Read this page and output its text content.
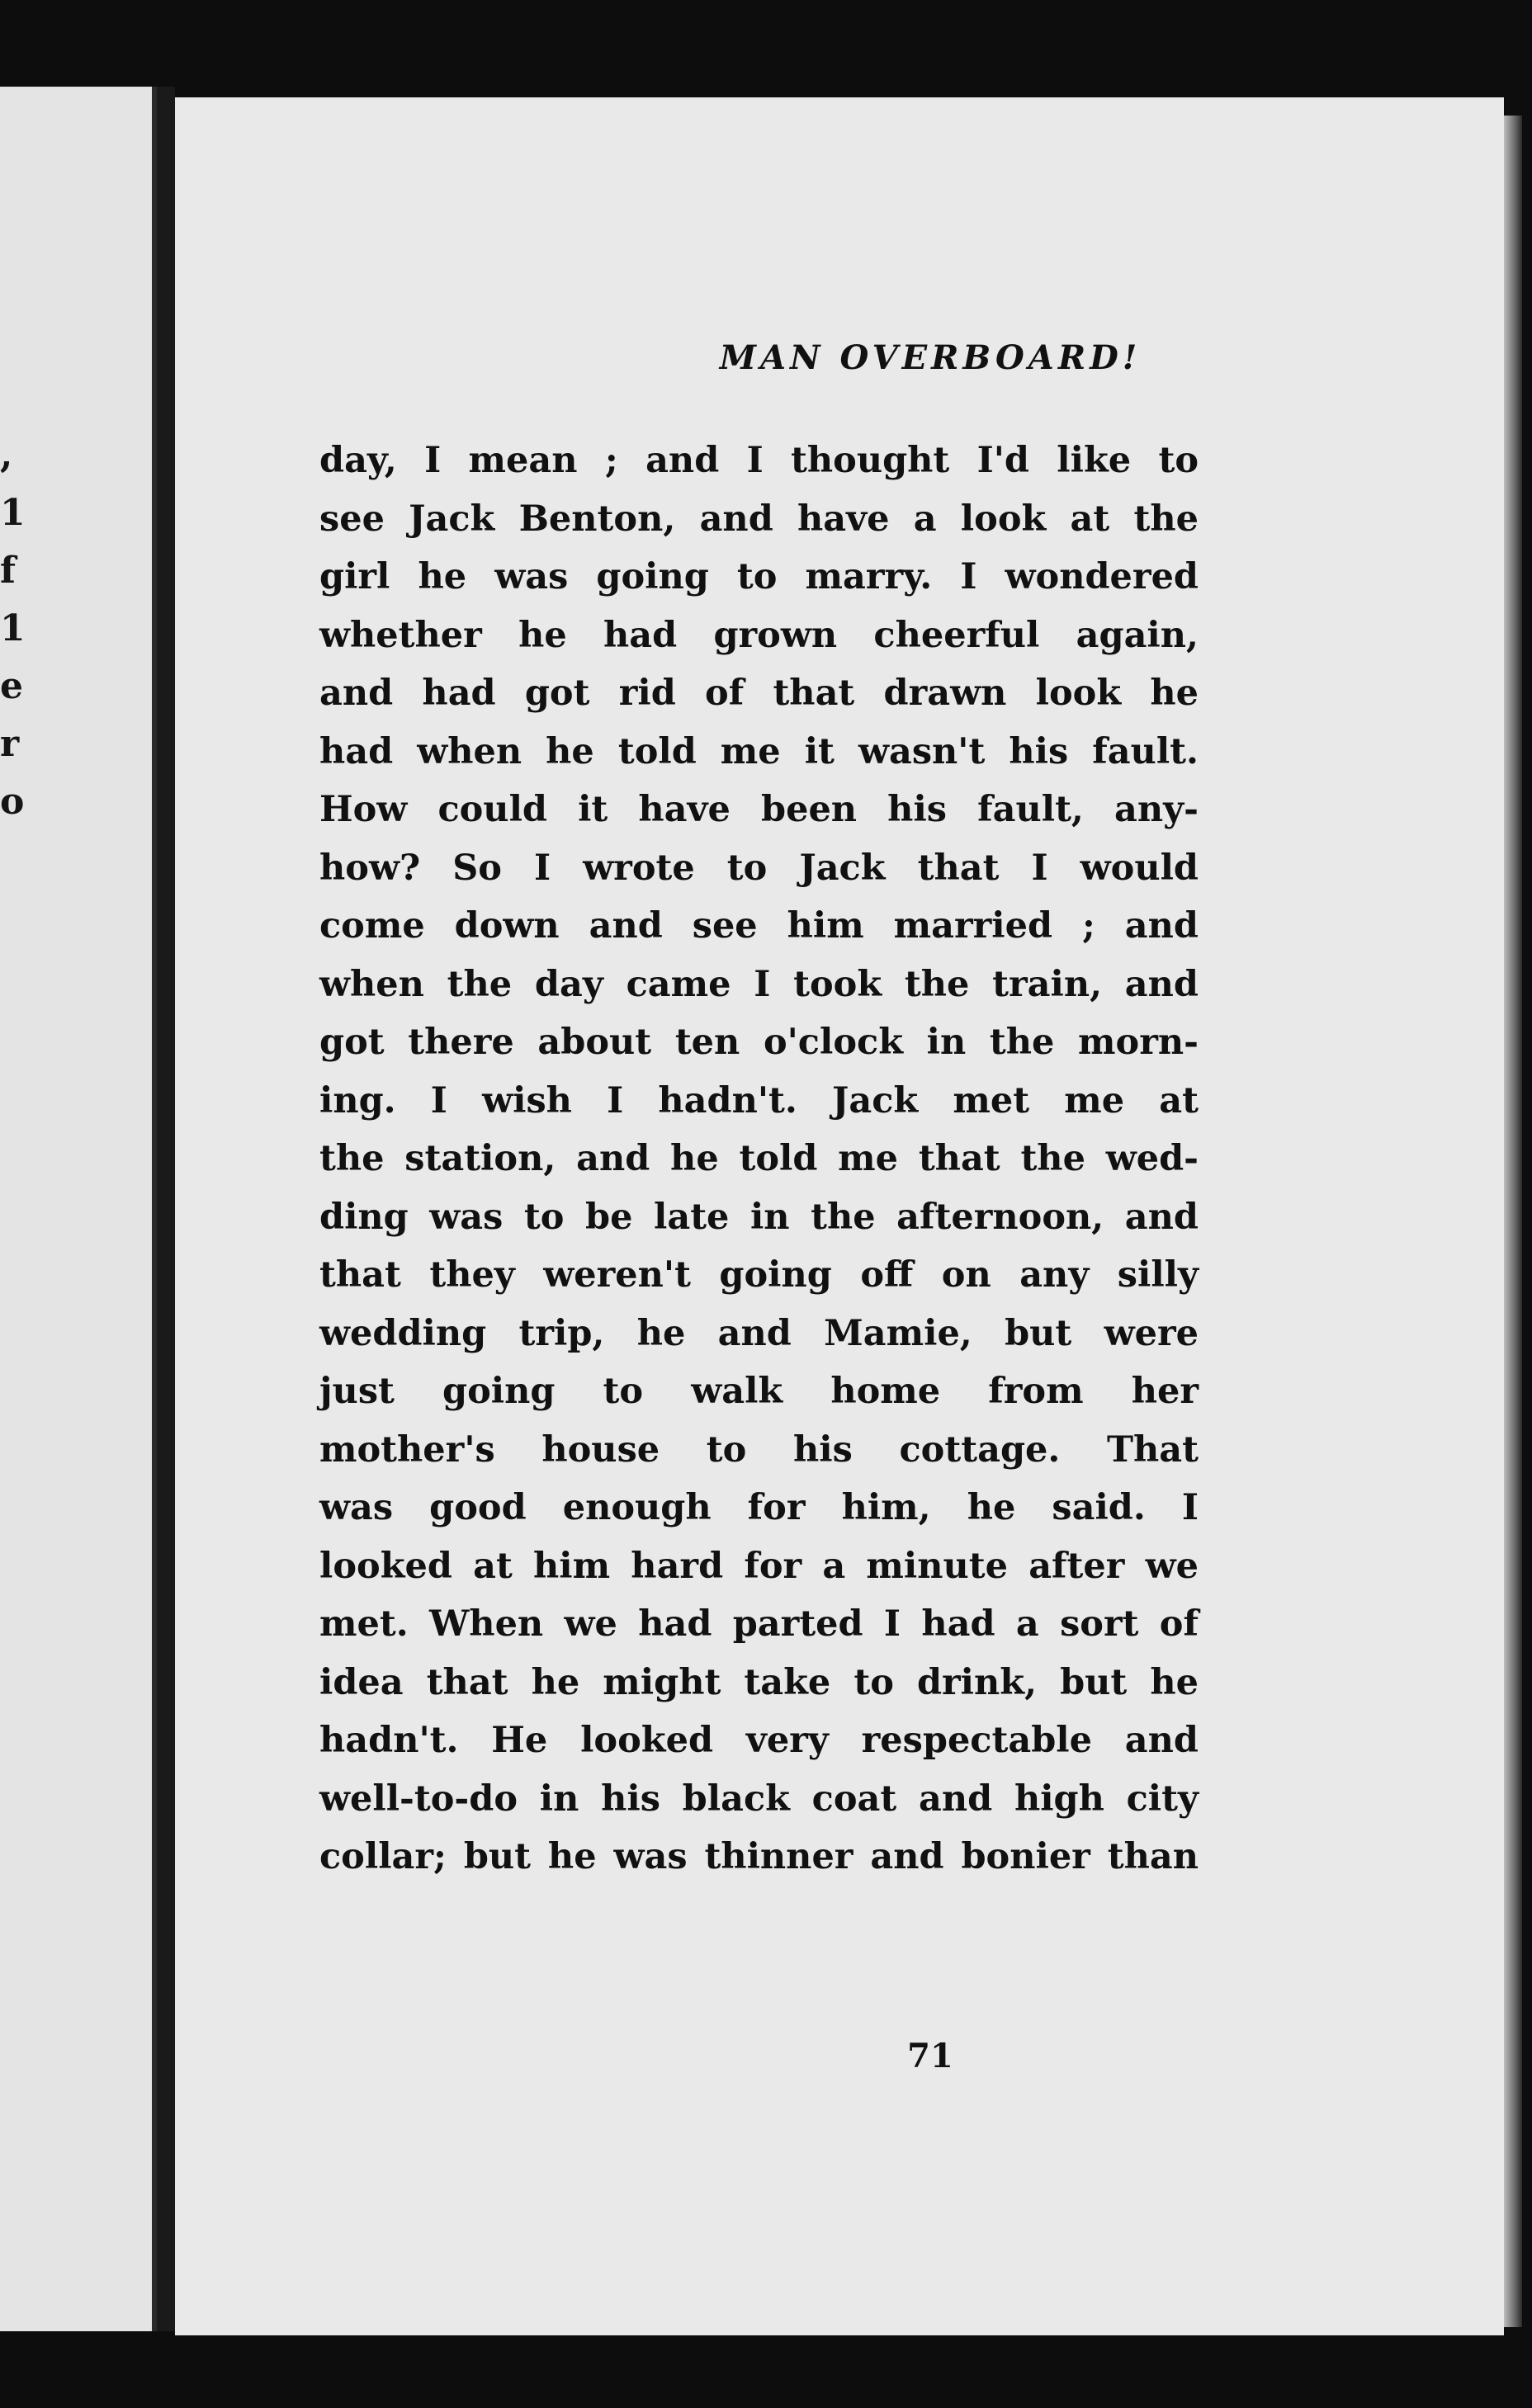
,
1
f
1
e
r
o
MAN OVERBOARD!
day, I mean ; and I thought I'd like to
see Jack Benton, and have a look at the
girl he was going to marry. I wondered
whether he had grown cheerful again,
and had got rid of that drawn look he
had when he told me it wasn't his fault.
How could it have been his fault, any-
how? So I wrote to Jack that I would
come down and see him married ; and
when the day came I took the train, and
got there about ten o'clock in the morn-
ing. I wish I hadn't. Jack met me at
the station, and he told me that the wed-
ding was to be late in the afternoon, and
that they weren't going off on any silly
wedding trip, he and Mamie, but were
just going to walk home from her
mother's house to his cottage. That
was good enough for him, he said. I
looked at him hard for a minute after we
met. When we had parted I had a sort of
idea that he might take to drink, but he
hadn't. He looked very respectable and
well-to-do in his black coat and high city
collar; but he was thinner and bonier than
71
